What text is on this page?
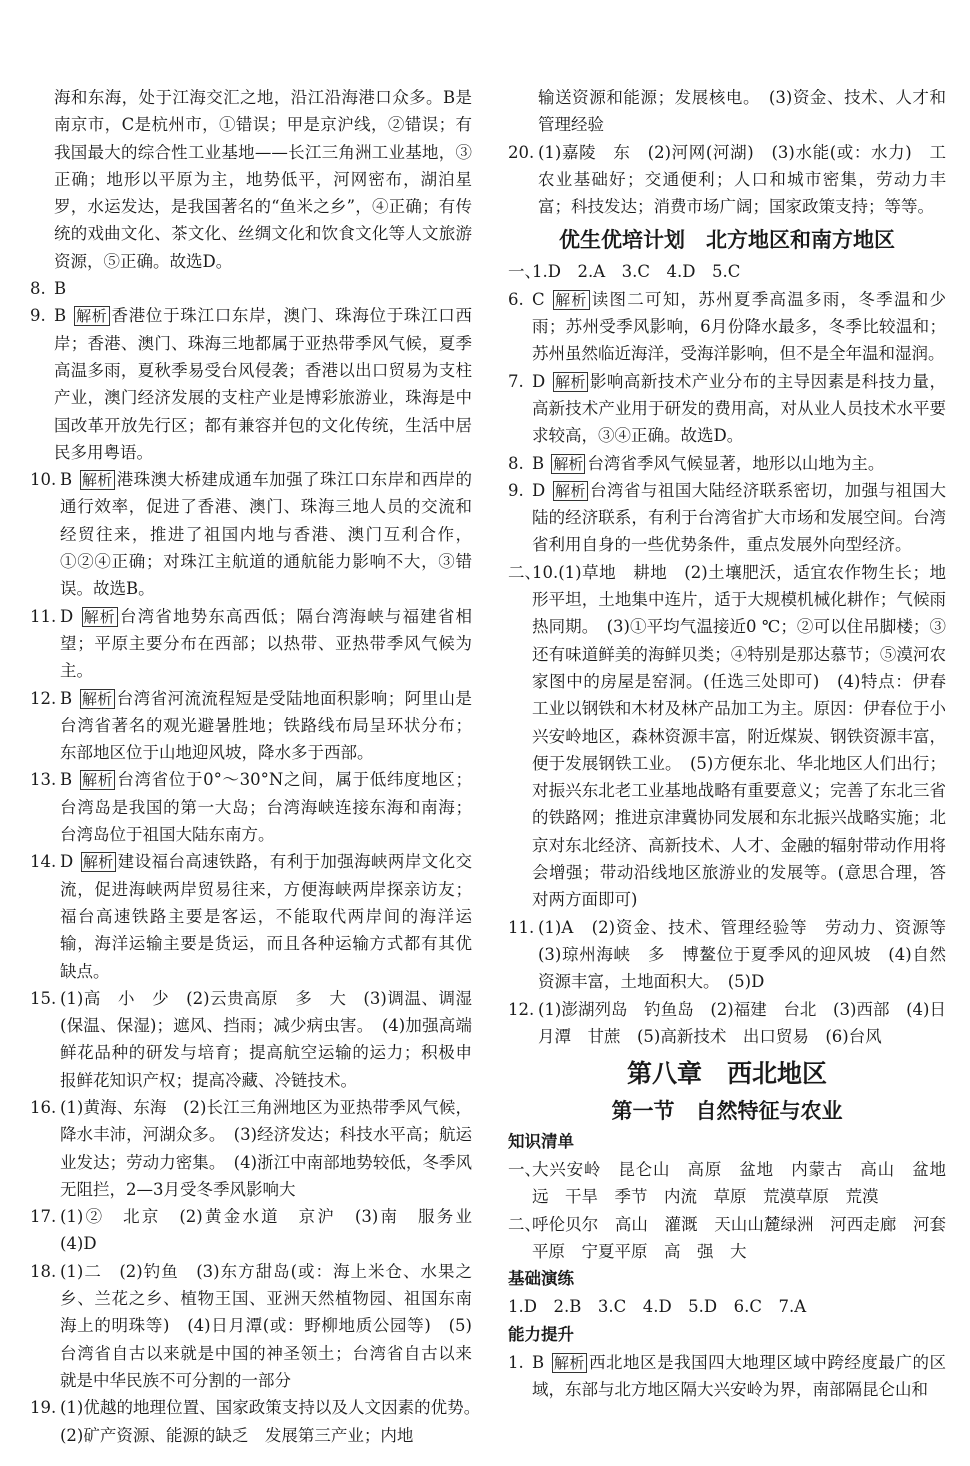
海和东海，处于江海交汇之地，沿江沿海港口众多。B是南京市，C是杭州市，①错误；甲是京沪线，②错误；有我国最大的综合性工业基地——长江三角洲工业基地，③正确；地形以平原为主，地势低平，河网密布，湖泊星罗，水运发达，是我国著名的“鱼米之乡”，④正确；有传统的戏曲文化、茶文化、丝绸文化和饮食文化等人文旅游资源，⑤正确。故选D。
8. B
9. B 解析 香港位于珠江口东岸，澳门、珠海位于珠江口西岸；香港、澳门、珠海三地都属于亚热带季风气候，夏季高温多雨，夏秋季易受台风侵袭；香港以出口贸易为支柱产业，澳门经济发展的支柱产业是博彩旅游业，珠海是中国改革开放先行区；都有兼容并包的文化传统，生活中居民多用粤语。
10. B 解析 港珠澳大桥建成通车加强了珠江口东岸和西岸的通行效率，促进了香港、澳门、珠海三地人员的交流和经贸往来，推进了祖国内地与香港、澳门互利合作，①②④正确；对珠江主航道的通航能力影响不大，③错误。故选B。
11. D 解析 台湾省地势东高西低；隔台湾海峡与福建省相望；平原主要分布在西部；以热带、亚热带季风气候为主。
12. B 解析 台湾省河流流程短是受陆地面积影响；阿里山是台湾省著名的观光避暑胜地；铁路线布局呈环状分布；东部地区位于山地迎风坡，降水多于西部。
13. B 解析 台湾省位于0°～30°N之间，属于低纬度地区；台湾岛是我国的第一大岛；台湾海峡连接东海和南海；台湾岛位于祖国大陆东南方。
14. D 解析 建设福台高速铁路，有利于加强海峡两岸文化交流，促进海峡两岸贸易往来，方便海峡两岸探亲访友；福台高速铁路主要是客运，不能取代两岸间的海洋运输，海洋运输主要是货运，而且各种运输方式都有其优缺点。
15. (1)高　小　少　(2)云贵高原　多　大　(3)调温、调湿(保温、保湿)；遮风、挡雨；减少病虫害。　(4)加强高端鲜花品种的研发与培育；提高航空运输的运力；积极申报鲜花知识产权；提高冷藏、冷链技术。
16. (1)黄海、东海　(2)长江三角洲地区为亚热带季风气候，降水丰沛，河湖众多。　(3)经济发达；科技水平高；航运业发达；劳动力密集。　(4)浙江中南部地势较低，冬季风无阻拦，2—3月受冬季风影响大
17. (1)②　北京　(2)黄金水道　京沪　(3)南　服务业　(4)D
18. (1)二　(2)钓鱼　(3)东方甜岛(或：海上米仓、水果之乡、兰花之乡、植物王国、亚洲天然植物园、祖国东南海上的明珠等)　(4)日月潭(或：野柳地质公园等)　(5)台湾省自古以来就是中国的神圣领土；台湾省自古以来就是中华民族不可分割的一部分
19. (1)优越的地理位置、国家政策支持以及人文因素的优势。　(2)矿产资源、能源的缺乏　发展第三产业；内地
输送资源和能源；发展核电。　(3)资金、技术、人才和管理经验
20. (1)嘉陵　东　(2)河网(河湖)　(3)水能(或：水力)　工农业基础好；交通便利；人口和城市密集，劳动力丰富；科技发达；消费市场广阔；国家政策支持；等等。
优生优培计划　北方地区和南方地区
一、
1.D　2.A　3.C　4.D　5.C
6. C 解析 读图二可知，苏州夏季高温多雨，冬季温和少雨；苏州受季风影响，6月份降水最多，冬季比较温和；苏州虽然临近海洋，受海洋影响，但不是全年温和湿润。
7. D 解析 影响高新技术产业分布的主导因素是科技力量，高新技术产业用于研发的费用高，对从业人员技术水平要求较高，③④正确。故选D。
8. B 解析 台湾省季风气候显著，地形以山地为主。
9. D 解析 台湾省与祖国大陆经济联系密切，加强与祖国大陆的经济联系，有利于台湾省扩大市场和发展空间。台湾省利用自身的一些优势条件，重点发展外向型经济。
二、
10.(1)草地　耕地　(2)土壤肥沃，适宜农作物生长；地形平坦，土地集中连片，适于大规模机械化耕作；气候雨热同期。　(3)①平均气温接近0 ℃；②可以住吊脚楼；③还有味道鲜美的海鲜贝类；④特别是那达慕节；⑤漠河农家图中的房屋是窑洞。(任选三处即可)　(4)特点：伊春工业以钢铁和木材及林产品加工为主。原因：伊春位于小兴安岭地区，森林资源丰富，附近煤炭、钢铁资源丰富，便于发展钢铁工业。　(5)方便东北、华北地区人们出行；对振兴东北老工业基地战略有重要意义；完善了东北三省的铁路网；推进京津冀协同发展和东北振兴战略实施；北京对东北经济、高新技术、人才、金融的辐射带动作用将会增强；带动沿线地区旅游业的发展等。(意思合理，答对两方面即可)
11. (1)A　(2)资金、技术、管理经验等　劳动力、资源等　(3)琼州海峡　多　博鳌位于夏季风的迎风坡　(4)自然资源丰富，土地面积大。　(5)D
12. (1)澎湖列岛　钓鱼岛　(2)福建　台北　(3)西部　(4)日月潭　甘蔗　(5)高新技术　出口贸易　(6)台风
第八章　西北地区
第一节　自然特征与农业
知识清单
一、
大兴安岭　昆仑山　高原　盆地　内蒙古　高山　盆地　远　干旱　季节　内流　草原　荒漠草原　荒漠
二、
呼伦贝尔　高山　灌溉　天山山麓绿洲　河西走廊　河套平原　宁夏平原　高　强　大
基础演练
1.D　2.B　3.C　4.D　5.D　6.C　7.A
能力提升
1. B 解析 西北地区是我国四大地理区域中跨经度最广的区域，东部与北方地区隔大兴安岭为界，南部隔昆仑山和
